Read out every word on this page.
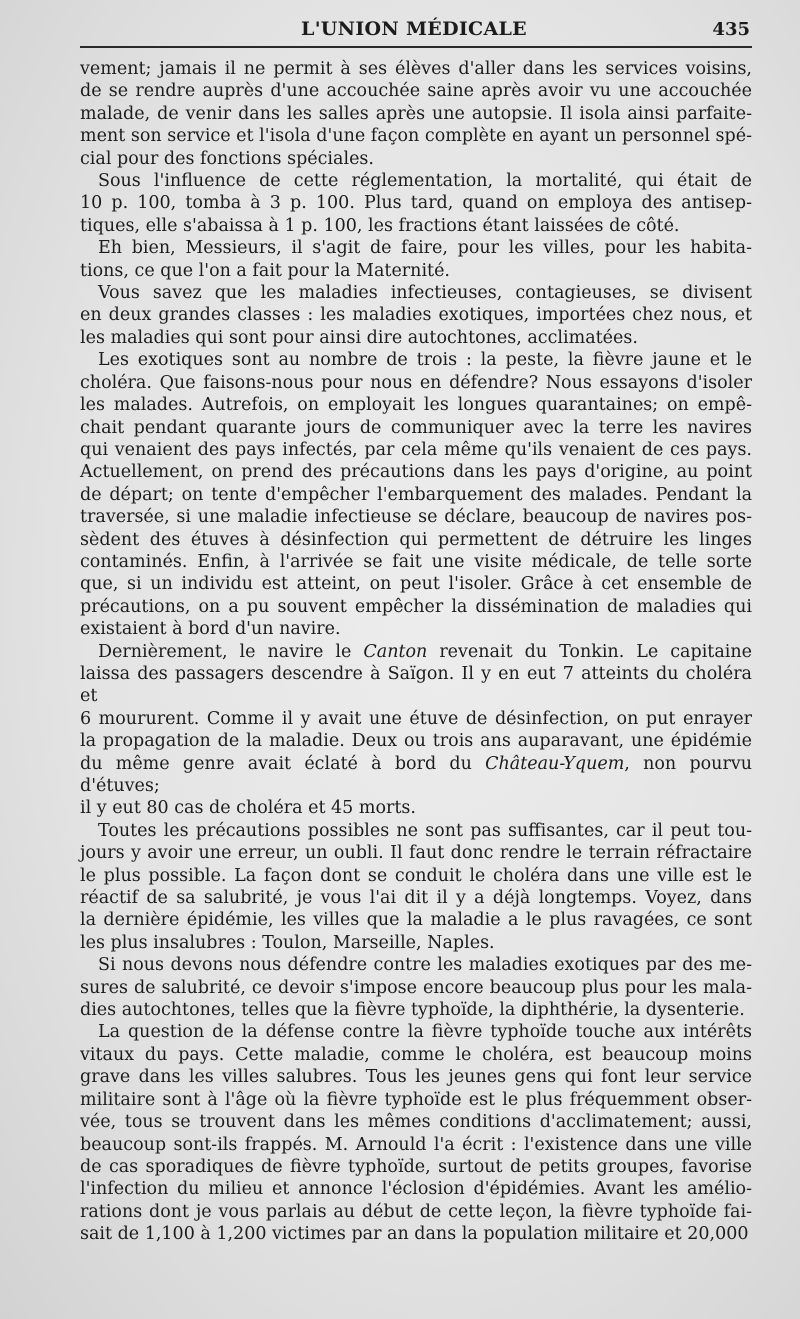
L'UNION MÉDICALE	435

vement; jamais il ne permit à ses élèves d'aller dans les services voisins,
de se rendre auprès d'une accouchée saine après avoir vu une accouchée
malade, de venir dans les salles après une autopsie. Il isola ainsi parfaite-
ment son service et l'isola d'une façon complète en ayant un personnel spé-
cial pour des fonctions spéciales.

Sous l'influence de cette réglementation, la mortalité, qui était de
10 p. 100, tomba à 3 p. 100. Plus tard, quand on employa des antisep-
tiques, elle s'abaissa à 1 p. 100, les fractions étant laissées de côté.

Eh bien, Messieurs, il s'agit de faire, pour les villes, pour les habita-
tions, ce que l'on a fait pour la Maternité.

Vous savez que les maladies infectieuses, contagieuses, se divisent
en deux grandes classes : les maladies exotiques, importées chez nous, et
les maladies qui sont pour ainsi dire autochtones, acclimatées.

Les exotiques sont au nombre de trois : la peste, la fièvre jaune et le
choléra. Que faisons-nous pour nous en défendre? Nous essayons d'isoler
les malades. Autrefois, on employait les longues quarantaines; on empê-
chait pendant quarante jours de communiquer avec la terre les navires
qui venaient des pays infectés, par cela même qu'ils venaient de ces pays.
Actuellement, on prend des précautions dans les pays d'origine, au point
de départ; on tente d'empêcher l'embarquement des malades. Pendant la
traversée, si une maladie infectieuse se déclare, beaucoup de navires pos-
sèdent des étuves à désinfection qui permettent de détruire les linges
contaminés. Enfin, à l'arrivée se fait une visite médicale, de telle sorte
que, si un individu est atteint, on peut l'isoler. Grâce à cet ensemble de
précautions, on a pu souvent empêcher la dissémination de maladies qui
existaient à bord d'un navire.

Dernièrement, le navire le Canton revenait du Tonkin. Le capitaine
laissa des passagers descendre à Saïgon. Il y en eut 7 atteints du choléra et
6 moururent. Comme il y avait une étuve de désinfection, on put enrayer
la propagation de la maladie. Deux ou trois ans auparavant, une épidémie
du même genre avait éclaté à bord du Château-Yquem, non pourvu d'étuves;
il y eut 80 cas de choléra et 45 morts.

Toutes les précautions possibles ne sont pas suffisantes, car il peut tou-
jours y avoir une erreur, un oubli. Il faut donc rendre le terrain réfractaire
le plus possible. La façon dont se conduit le choléra dans une ville est le
réactif de sa salubrité, je vous l'ai dit il y a déjà longtemps. Voyez, dans
la dernière épidémie, les villes que la maladie a le plus ravagées, ce sont
les plus insalubres : Toulon, Marseille, Naples.

Si nous devons nous défendre contre les maladies exotiques par des me-
sures de salubrité, ce devoir s'impose encore beaucoup plus pour les mala-
dies autochtones, telles que la fièvre typhoïde, la diphthérie, la dysenterie.

La question de la défense contre la fièvre typhoïde touche aux intérêts
vitaux du pays. Cette maladie, comme le choléra, est beaucoup moins
grave dans les villes salubres. Tous les jeunes gens qui font leur service
militaire sont à l'âge où la fièvre typhoïde est le plus fréquemment obser-
vée, tous se trouvent dans les mêmes conditions d'acclimatement; aussi,
beaucoup sont-ils frappés. M. Arnould l'a écrit : l'existence dans une ville
de cas sporadiques de fièvre typhoïde, surtout de petits groupes, favorise
l'infection du milieu et annonce l'éclosion d'épidémies. Avant les amélio-
rations dont je vous parlais au début de cette leçon, la fièvre typhoïde fai-
sait de 1,100 à 1,200 victimes par an dans la population militaire et 20,000
